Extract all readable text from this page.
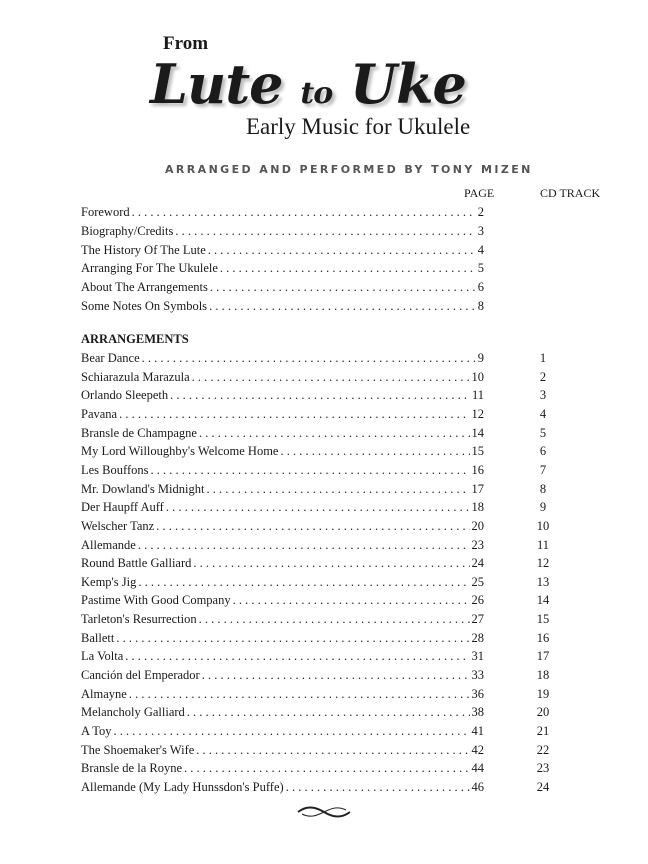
From
Lute to Uke
Early Music for Ukulele
ARRANGED AND PERFORMED BY TONY MIZEN
PAGE	CD TRACK
Foreword . . .	2
Biography/Credits . . .	3
The History Of The Lute . . .	4
Arranging For The Ukulele . . .	5
About The Arrangements . . .	6
Some Notes On Symbols . . .	8
Bear Dance . . .	9	1
Schiarazula Marazula . . .	10	2
Orlando Sleepeth . . .	11	3
Pavana . . .	12	4
Bransle de Champagne . . .	14	5
My Lord Willoughby's Welcome Home . . .	15	6
Les Bouffons . . .	16	7
Mr. Dowland's Midnight . . .	17	8
Der Haupff Auff . . .	18	9
Welscher Tanz . . .	20	10
Allemande . . .	23	11
Round Battle Galliard . . .	24	12
Kemp's Jig . . .	25	13
Pastime With Good Company . . .	26	14
Tarleton's Resurrection . . .	27	15
Ballett . . .	28	16
La Volta . . .	31	17
Canción del Emperador . . .	33	18
Almayne . . .	36	19
Melancholy Galliard . . .	38	20
A Toy . . .	41	21
The Shoemaker's Wife . . .	42	22
Bransle de la Royne . . .	44	23
Allemande (My Lady Hunssdon's Puffe) . . .	46	24
ARRANGEMENTS
